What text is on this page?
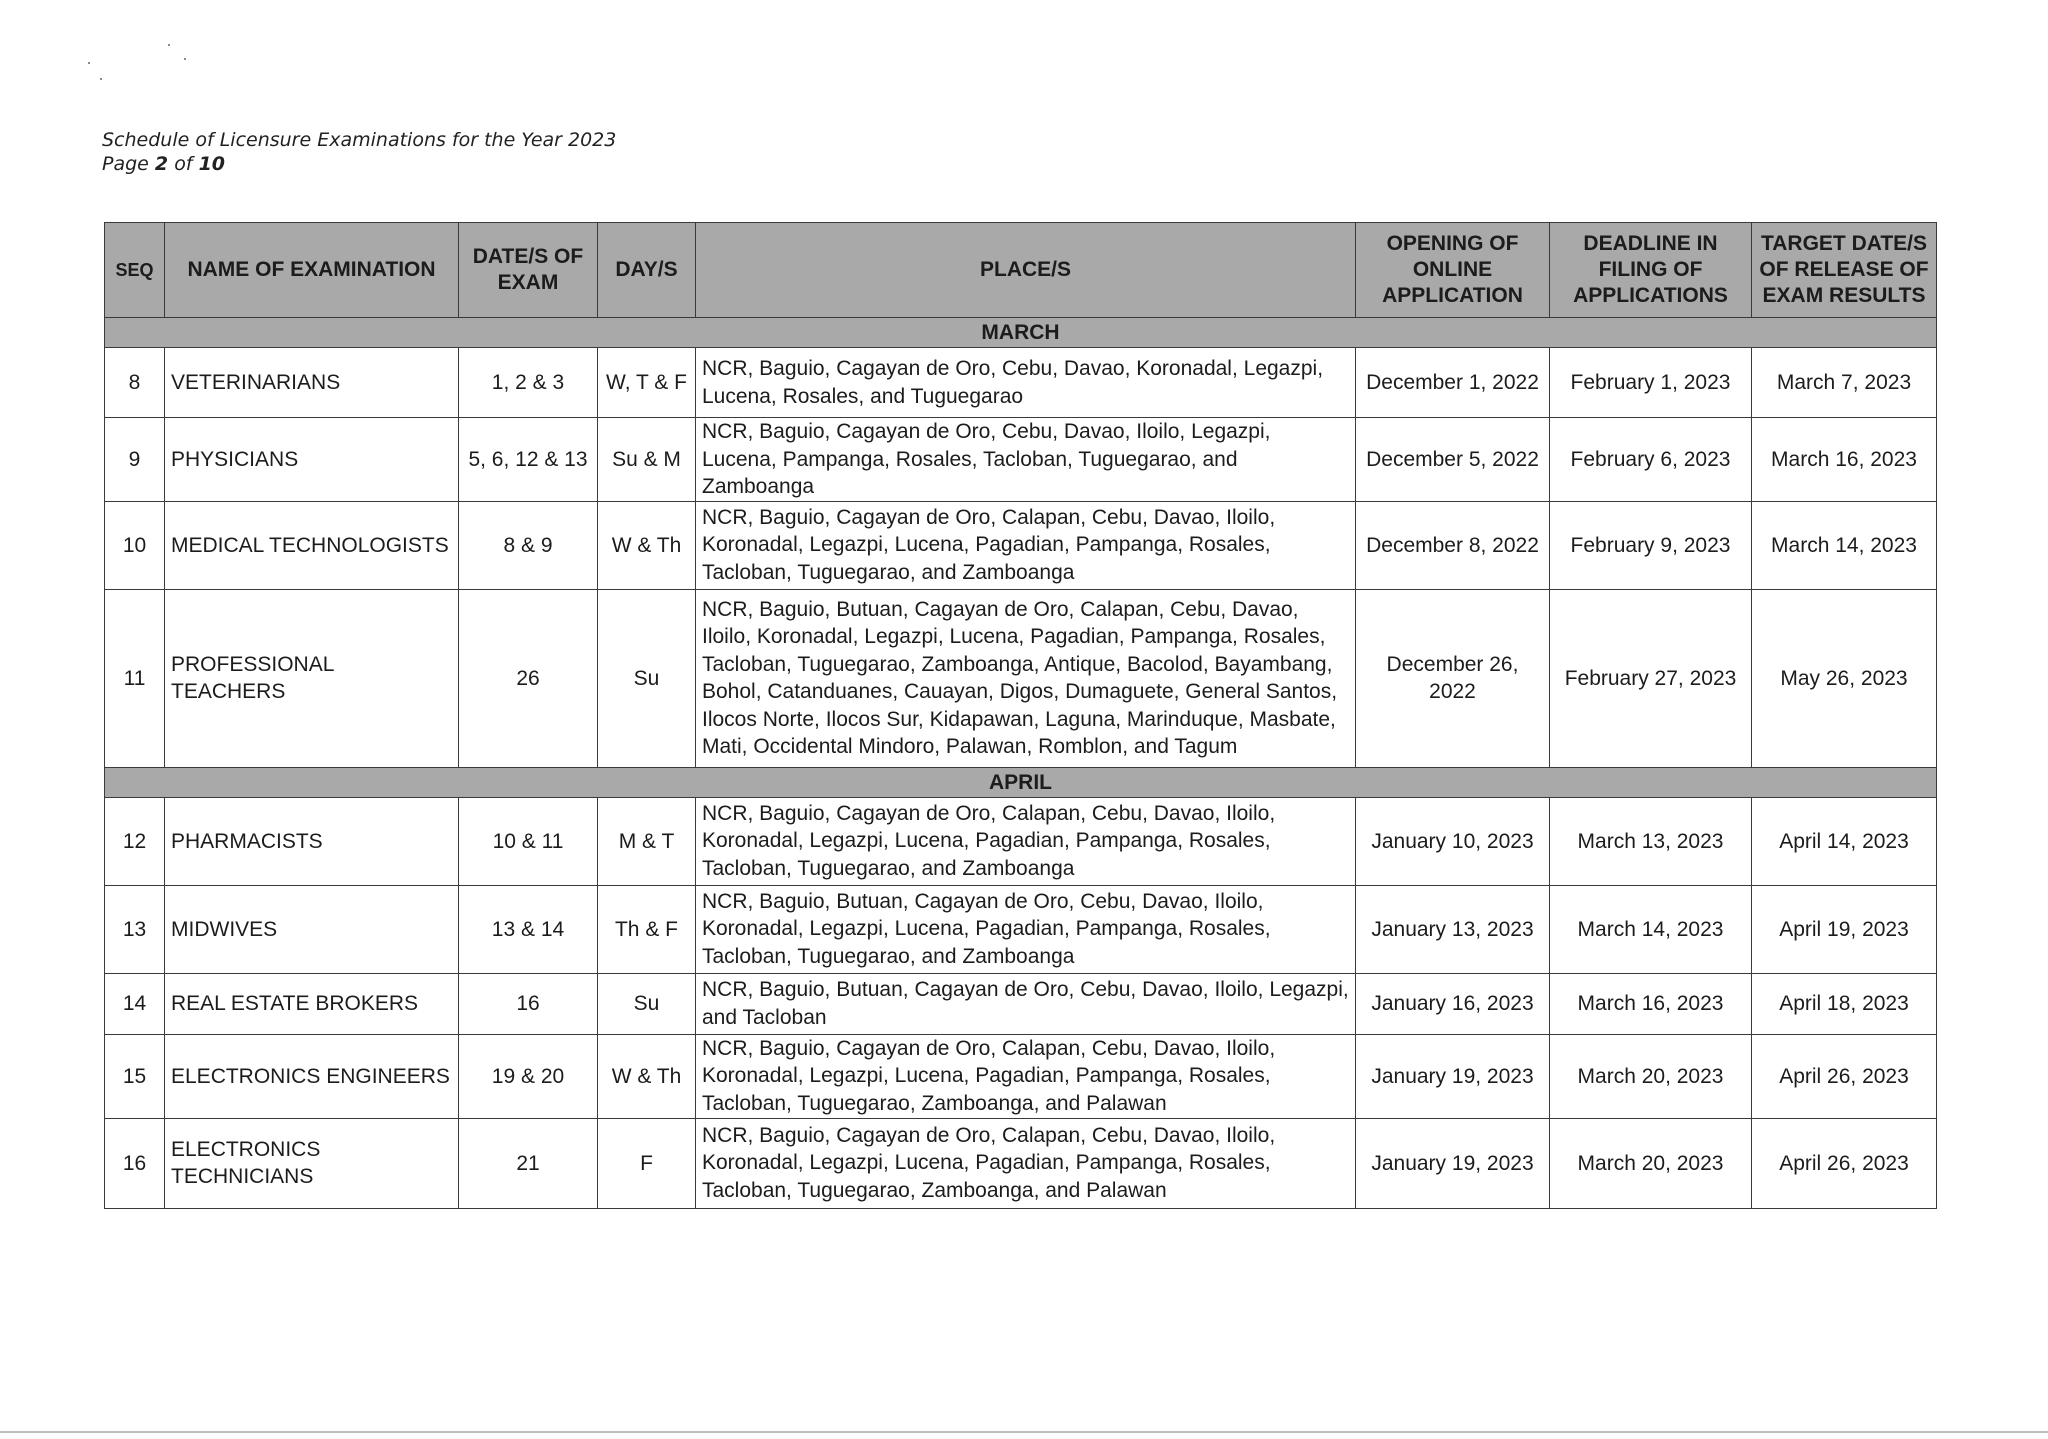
Schedule of Licensure Examinations for the Year 2023
Page 2 of 10
SEQ	NAME OF EXAMINATION	DATE/S OF EXAM	DAY/S	PLACE/S	OPENING OF ONLINE APPLICATION	DEADLINE IN FILING OF APPLICATIONS	TARGET DATE/S OF RELEASE OF EXAM RESULTS
MARCH							
8	VETERINARIANS	1, 2 & 3	W, T & F	NCR, Baguio, Cagayan de Oro, Cebu, Davao, Koronadal, Legazpi, Lucena, Rosales, and Tuguegarao	December 1, 2022	February 1, 2023	March 7, 2023
9	PHYSICIANS	5, 6, 12 & 13	Su & M	NCR, Baguio, Cagayan de Oro, Cebu, Davao, Iloilo, Legazpi, Lucena, Pampanga, Rosales, Tacloban, Tuguegarao, and Zamboanga	December 5, 2022	February 6, 2023	March 16, 2023
10	MEDICAL TECHNOLOGISTS	8 & 9	W & Th	NCR, Baguio, Cagayan de Oro, Calapan, Cebu, Davao, Iloilo, Koronadal, Legazpi, Lucena, Pagadian, Pampanga, Rosales, Tacloban, Tuguegarao, and Zamboanga	December 8, 2022	February 9, 2023	March 14, 2023
11	PROFESSIONAL TEACHERS	26	Su	NCR, Baguio, Butuan, Cagayan de Oro, Calapan, Cebu, Davao, Iloilo, Koronadal, Legazpi, Lucena, Pagadian, Pampanga, Rosales, Tacloban, Tuguegarao, Zamboanga, Antique, Bacolod, Bayambang, Bohol, Catanduanes, Cauayan, Digos, Dumaguete, General Santos, Ilocos Norte, Ilocos Sur, Kidapawan, Laguna, Marinduque, Masbate, Mati, Occidental Mindoro, Palawan, Romblon, and Tagum	December 26, 2022	February 27, 2023	May 26, 2023
APRIL							
12	PHARMACISTS	10 & 11	M & T	NCR, Baguio, Cagayan de Oro, Calapan, Cebu, Davao, Iloilo, Koronadal, Legazpi, Lucena, Pagadian, Pampanga, Rosales, Tacloban, Tuguegarao, and Zamboanga	January 10, 2023	March 13, 2023	April 14, 2023
13	MIDWIVES	13 & 14	Th & F	NCR, Baguio, Butuan, Cagayan de Oro, Cebu, Davao, Iloilo, Koronadal, Legazpi, Lucena, Pagadian, Pampanga, Rosales, Tacloban, Tuguegarao, and Zamboanga	January 13, 2023	March 14, 2023	April 19, 2023
14	REAL ESTATE BROKERS	16	Su	NCR, Baguio, Butuan, Cagayan de Oro, Cebu, Davao, Iloilo, Legazpi, and Tacloban	January 16, 2023	March 16, 2023	April 18, 2023
15	ELECTRONICS ENGINEERS	19 & 20	W & Th	NCR, Baguio, Cagayan de Oro, Calapan, Cebu, Davao, Iloilo, Koronadal, Legazpi, Lucena, Pagadian, Pampanga, Rosales, Tacloban, Tuguegarao, Zamboanga, and Palawan	January 19, 2023	March 20, 2023	April 26, 2023
16	ELECTRONICS TECHNICIANS	21	F	NCR, Baguio, Cagayan de Oro, Calapan, Cebu, Davao, Iloilo, Koronadal, Legazpi, Lucena, Pagadian, Pampanga, Rosales, Tacloban, Tuguegarao, Zamboanga, and Palawan	January 19, 2023	March 20, 2023	April 26, 2023
